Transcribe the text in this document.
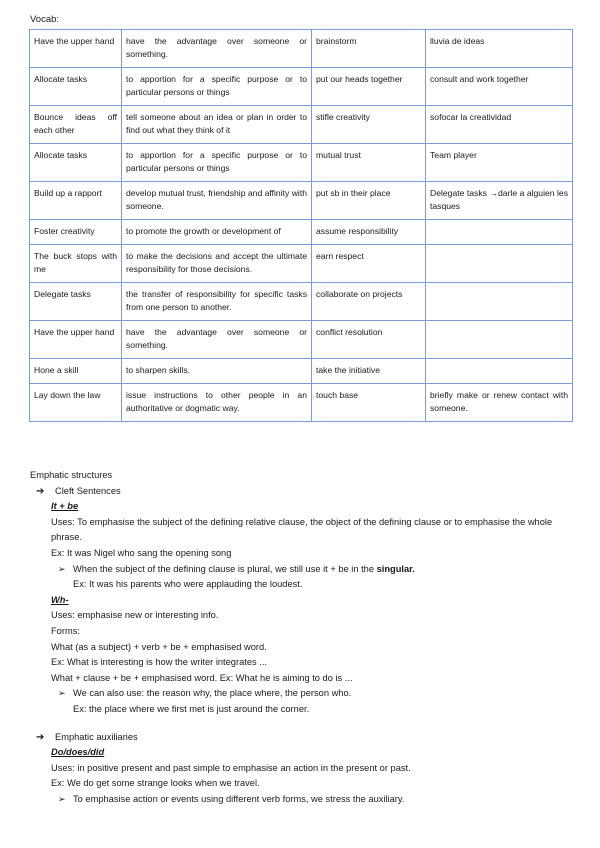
Vocab:
Have the upper hand	have the advantage over someone or something.	brainstorm	lluvia de ideas
Allocate tasks	to apportion for a specific purpose or to particular persons or things	put our heads together	consult and work together
Bounce ideas off each other	tell someone about an idea or plan in order to find out what they think of it	stifle creativity	sofocar la creatividad
Allocate tasks	to apportion for a specific purpose or to particular persons or things	mutual trust	Team player
Build up a rapport	develop mutual trust, friendship and affinity with someone.	put sb in their place	Delegate tasks →darle a alguien les tasques
Foster creativity	to promote the growth or development of	assume responsibility	
The buck stops with me	to make the decisions and accept the ultimate responsibility for those decisions.	earn respect	
Delegate tasks	the transfer of responsibility for specific tasks from one person to another.	collaborate on projects	
Have the upper hand	have the advantage over someone or something.	conflict resolution	
Hone a skill	to sharpen skills.	take the initiative	
Lay down the law	issue instructions to other people in an authoritative or dogmatic way.	touch base	briefly make or renew contact with someone.
Emphatic structures
➔ Cleft Sentences
It + be
Uses: To emphasise the subject of the defining relative clause, the object of the defining clause or to emphasise the whole phrase.
Ex: It was Nigel who sang the opening song
➢ When the subject of the defining clause is plural, we still use it + be in the singular.
Ex: It was his parents who were applauding the loudest.
Wh-
Uses: emphasise new or interesting info.
Forms:
What (as a subject) + verb + be + emphasised word.
Ex: What is interesting is how the writer integrates ...
What + clause + be + emphasised word. Ex: What he is aiming to do is ...
➢ We can also use: the reason why, the place where, the person who.
Ex: the place where we first met is just around the corner.
➔ Emphatic auxiliaries
Do/does/did
Uses: in positive present and past simple to emphasise an action in the present or past.
Ex: We do get some strange looks when we travel.
➢ To emphasise action or events using different verb forms, we stress the auxiliary.
